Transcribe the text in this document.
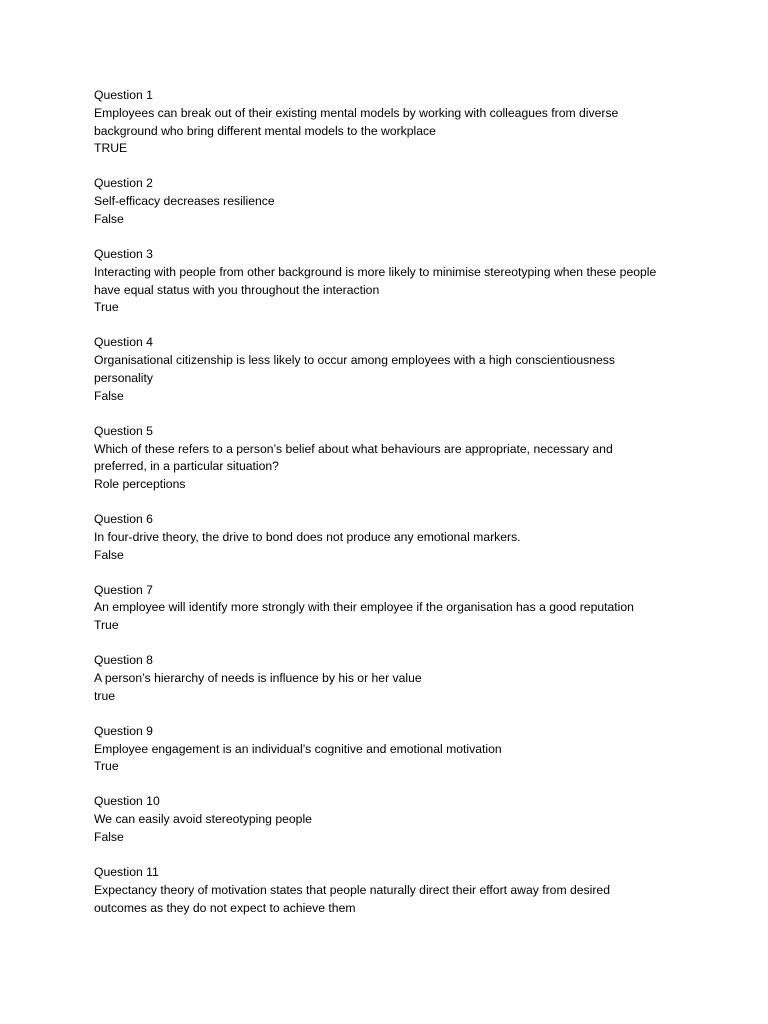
Question 1
Employees can break out of their existing mental models by working with colleagues from diverse background who bring different mental models to the workplace
TRUE
Question 2
Self-efficacy decreases resilience
False
Question 3
Interacting with people from other background is more likely to minimise stereotyping when these people have equal status with you throughout the interaction
True
Question 4
Organisational citizenship is less likely to occur among employees with a high conscientiousness personality
False
Question 5
Which of these refers to a person’s belief about what behaviours are appropriate, necessary and preferred, in a particular situation?
Role perceptions
Question 6
In four-drive theory, the drive to bond does not produce any emotional markers.
False
Question 7
An employee will identify more strongly with their employee if the organisation has a good reputation
True
Question 8
A person’s hierarchy of needs is influence by his or her value
true
Question 9
Employee engagement is an individual’s cognitive and emotional motivation
True
Question 10
We can easily avoid stereotyping people
False
Question 11
Expectancy theory of motivation states that people naturally direct their effort away from desired outcomes as they do not expect to achieve them
